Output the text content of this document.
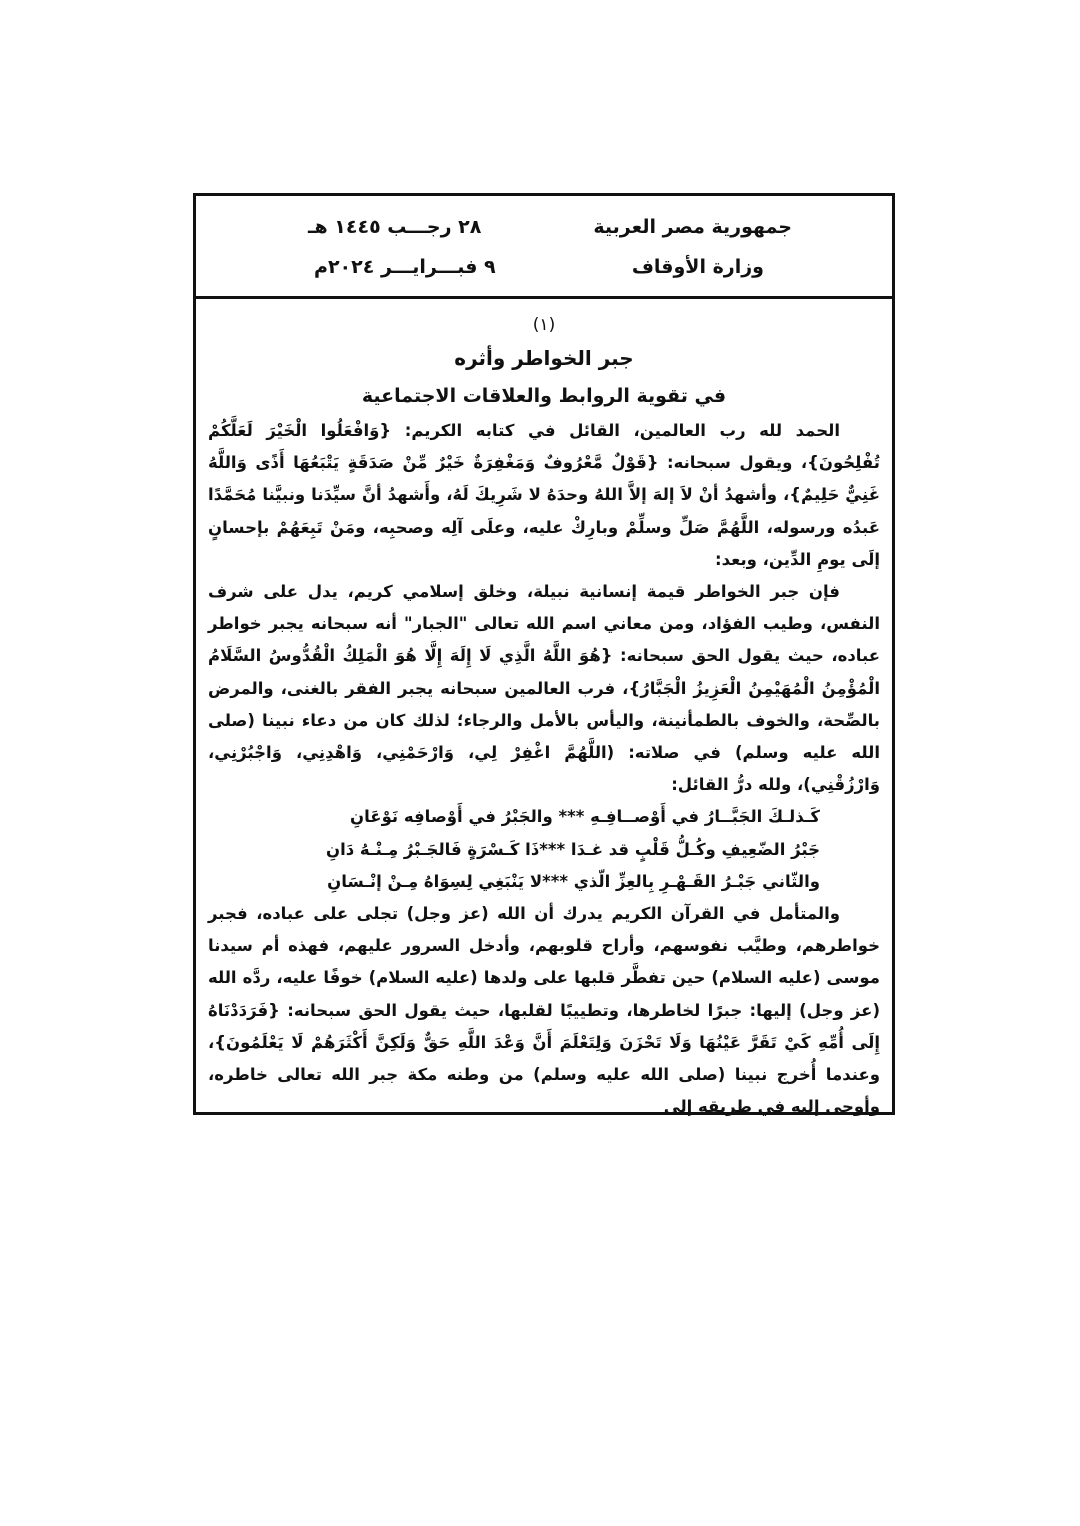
جمهورية مصر العربية
وزارة الأوقاف
٢٨ رجـــب ١٤٤٥ هـ
٩ فبـــرايـــر ٢٠٢٤م
(١)
جبر الخواطر وأثره
في تقوية الروابط والعلاقات الاجتماعية

الحمد لله رب العالمين، القائل في كتابه الكريم: {وَافْعَلُوا الْخَيْرَ لَعَلَّكُمْ تُفْلِحُونَ}، ويقول سبحانه: {قَوْلٌ مَّعْرُوفٌ وَمَغْفِرَةٌ خَيْرٌ مِّنْ صَدَقَةٍ يَتْبَعُهَا أَذًى وَاللَّهُ غَنِيٌّ حَلِيمٌ}، وأشهدُ أنْ لاَ إلهَ إلاَّ اللهُ وحدَهُ لا شَرِيكَ لَهُ، وأَشهدُ أنَّ سيِّدَنا ونبيَّنا مُحَمَّدًا عَبدُه ورسوله، اللَّهُمَّ صَلِّ وسلِّمْ وبارِكْ عليه، وعلَى آلِه وصحبِه، ومَنْ تَبِعَهُمْ بإحسانٍ إلَى يومِ الدِّين، وبعد:

فإن جبر الخواطر قيمة إنسانية نبيلة، وخلق إسلامي كريم، يدل على شرف النفس، وطيب الفؤاد، ومن معاني اسم الله تعالى "الجبار" أنه سبحانه يجبر خواطر عباده، حيث يقول الحق سبحانه: {هُوَ اللَّهُ الَّذِي لَا إِلَهَ إِلَّا هُوَ الْمَلِكُ الْقُدُّوسُ السَّلَامُ الْمُؤْمِنُ الْمُهَيْمِنُ الْعَزِيزُ الْجَبَّارُ}، فرب العالمين سبحانه يجبر الفقر بالغنى، والمرض بالصِّحة، والخوف بالطمأنينة، واليأس بالأمل والرجاء؛ لذلك كان من دعاء نبينا (صلى الله عليه وسلم) في صلاته: (اللَّهُمَّ اغْفِرْ لِي، وَارْحَمْنِي، وَاهْدِنِي، وَاجْبُرْنِي، وَارْزُقْنِي)، ولله درُّ القائل:

كَـذلـكَ الجَبَّــارُ في أَوْصــافِـهِ *** والجَبْرُ في أَوْصافِه نَوْعَانِ
جَبْرُ الضّعِيفِ وكُـلُّ قَلْبٍ قد غـدَا ***ذَا كَـسْرَةٍ فَالجَـبْرُ مِـنْـهُ دَانِ
والثّاني جَبْـرُ القَـهْـرِ بِالعِزِّ الّذي ***لا يَنْبَغِي لِسِوَاهُ مِـنْ إنْـسَانِ

والمتأمل في القرآن الكريم يدرك أن الله (عز وجل) تجلى على عباده، فجبر خواطرهم، وطيَّب نفوسهم، وأراح قلوبهم، وأدخل السرور عليهم، فهذه أم سيدنا موسى (عليه السلام) حين تفطَّر قلبها على ولدها (عليه السلام) خوفًا عليه، ردَّه الله (عز وجل) إليها: جبرًا لخاطرها، وتطييبًا لقلبها، حيث يقول الحق سبحانه: {فَرَدَدْنَاهُ إِلَى أُمِّهِ كَيْ تَقَرَّ عَيْنُهَا وَلَا تَحْزَنَ وَلِتَعْلَمَ أَنَّ وَعْدَ اللَّهِ حَقٌّ وَلَكِنَّ أَكْثَرَهُمْ لَا يَعْلَمُونَ}، وعندما أُخرج نبينا (صلى الله عليه وسلم) من وطنه مكة جبر الله تعالى خاطره، وأوحى إليه في طريقه إلى
